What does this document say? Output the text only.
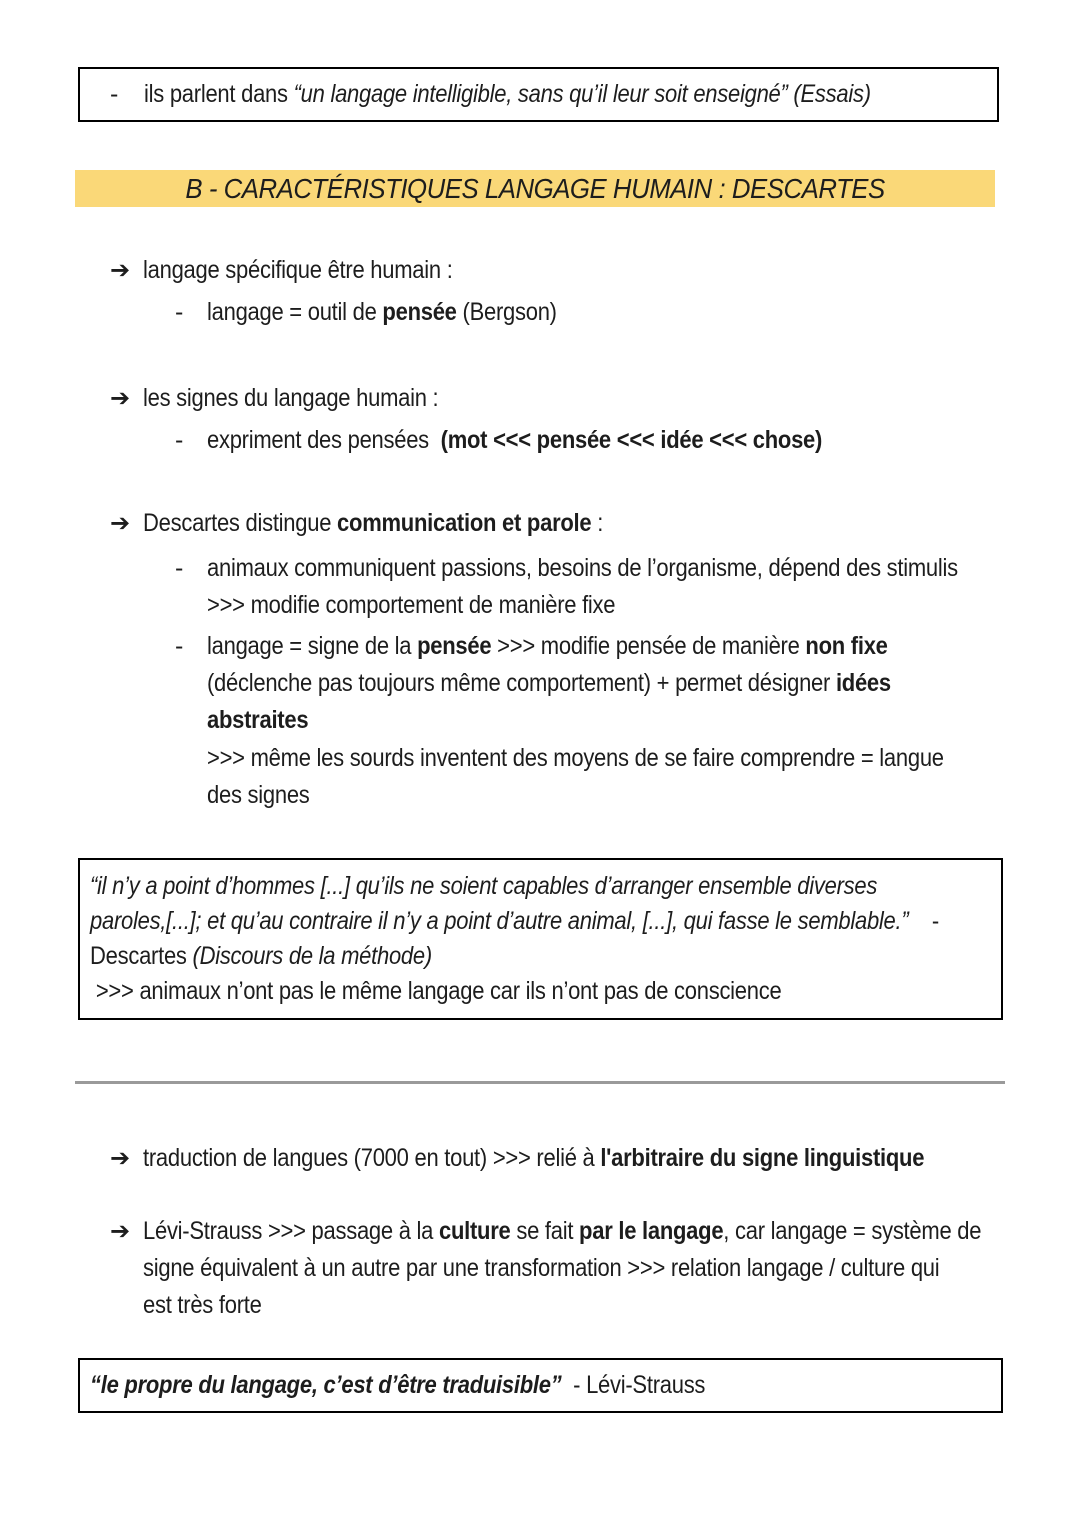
- ils parlent dans “un langage intelligible, sans qu’il leur soit enseigné” (Essais)
B - CARACTÉRISTIQUES LANGAGE HUMAIN : DESCARTES
➔ langage spécifique être humain :
- langage = outil de pensée (Bergson)
➔ les signes du langage humain :
- expriment des pensées  (mot <<< pensée <<< idée <<< chose)
➔ Descartes distingue communication et parole :
- animaux communiquent passions, besoins de l’organisme, dépend des stimulis
>>> modifie comportement de manière fixe
- langage = signe de la pensée >>> modifie pensée de manière non fixe
(déclenche pas toujours même comportement) + permet désigner idées
abstraites
>>> même les sourds inventent des moyens de se faire comprendre = langue
des signes
“il n’y a point d’hommes [...] qu’ils ne soient capables d’arranger ensemble diverses
paroles,[...]; et qu’au contraire il n’y a point d’autre animal, [...], qui fasse le semblable.”    -
Descartes (Discours de la méthode)
>>> animaux n’ont pas le même langage car ils n’ont pas de conscience
➔ traduction de langues (7000 en tout) >>> relié à l'arbitraire du signe linguistique
➔ Lévi-Strauss >>> passage à la culture se fait par le langage, car langage = système de
signe équivalent à un autre par une transformation >>> relation langage / culture qui
est très forte
“le propre du langage, c’est d’être traduisible”  - Lévi-Strauss
